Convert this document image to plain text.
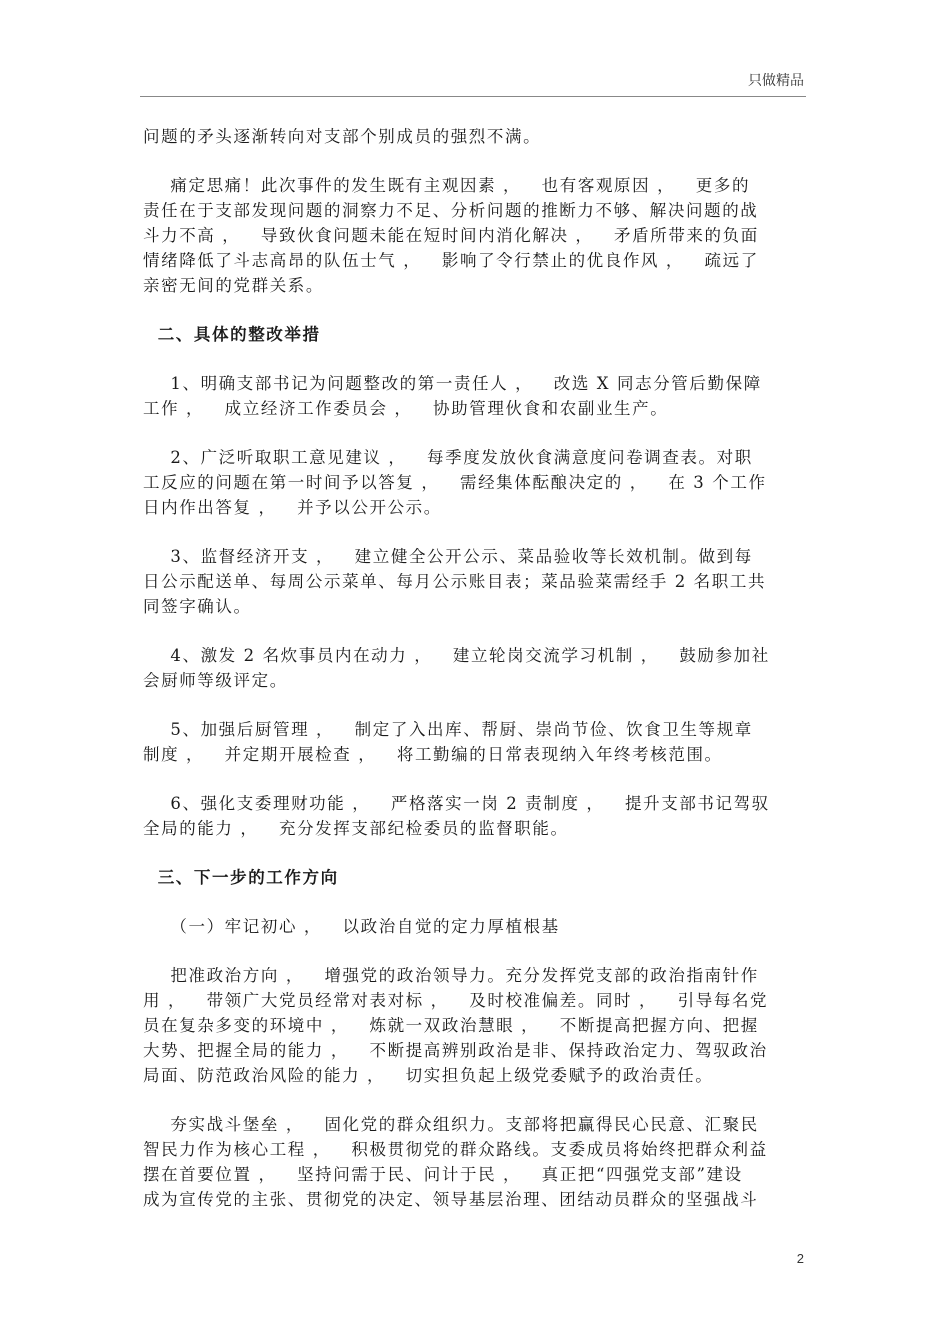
只做精品
问题的矛头逐渐转向对支部个别成员的强烈不满。
痛定思痛！此次事件的发生既有主观因素 ，   也有客观原因 ，   更多的
责任在于支部发现问题的洞察力不足、分析问题的推断力不够、解决问题的战
斗力不高 ，   导致伙食问题未能在短时间内消化解决 ，   矛盾所带来的负面
情绪降低了斗志高昂的队伍士气 ，   影响了令行禁止的优良作风 ，   疏远了
亲密无间的党群关系。
二、具体的整改举措
1、明确支部书记为问题整改的第一责任人 ，   改选 X 同志分管后勤保障
工作 ，   成立经济工作委员会 ，   协助管理伙食和农副业生产。
2、广泛听取职工意见建议 ，   每季度发放伙食满意度问卷调查表。对职
工反应的问题在第一时间予以答复 ，   需经集体酝酿决定的 ，   在 3 个工作
日内作出答复 ，   并予以公开公示。
3、监督经济开支 ，   建立健全公开公示、菜品验收等长效机制。做到每
日公示配送单、每周公示菜单、每月公示账目表；菜品验菜需经手 2 名职工共
同签字确认。
4、激发 2 名炊事员内在动力 ，   建立轮岗交流学习机制 ，   鼓励参加社
会厨师等级评定。
5、加强后厨管理 ，   制定了入出库、帮厨、崇尚节俭、饮食卫生等规章
制度 ，   并定期开展检查 ，   将工勤编的日常表现纳入年终考核范围。
6、强化支委理财功能 ，   严格落实一岗 2 责制度 ，   提升支部书记驾驭
全局的能力 ，   充分发挥支部纪检委员的监督职能。
三、下一步的工作方向
（一）牢记初心 ，   以政治自觉的定力厚植根基
把准政治方向 ，   增强党的政治领导力。充分发挥党支部的政治指南针作
用 ，   带领广大党员经常对表对标 ，   及时校准偏差。同时 ，   引导每名党
员在复杂多变的环境中 ，   炼就一双政治慧眼 ，   不断提高把握方向、把握
大势、把握全局的能力 ，   不断提高辨别政治是非、保持政治定力、驾驭政治
局面、防范政治风险的能力 ，   切实担负起上级党委赋予的政治责任。
夯实战斗堡垒 ，   固化党的群众组织力。支部将把赢得民心民意、汇聚民
智民力作为核心工程 ，   积极贯彻党的群众路线。支委成员将始终把群众利益
摆在首要位置 ，   坚持问需于民、问计于民 ，   真正把“四强党支部”建设
成为宣传党的主张、贯彻党的决定、领导基层治理、团结动员群众的坚强战斗
2
